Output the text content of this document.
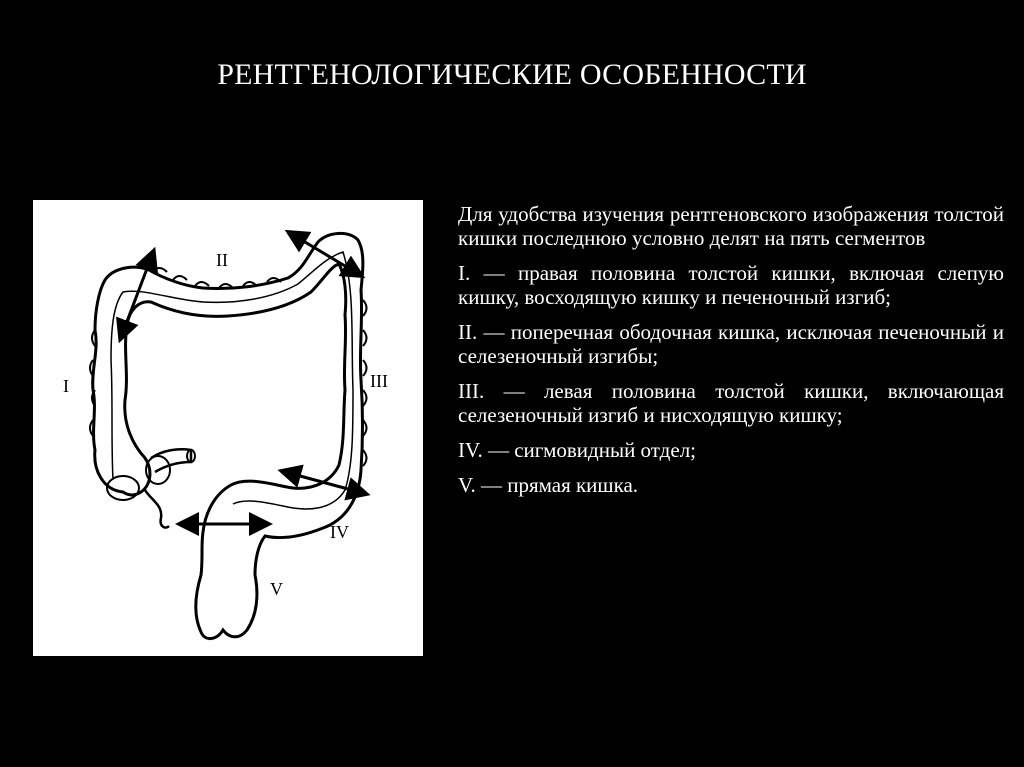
РЕНТГЕНОЛОГИЧЕСКИЕ ОСОБЕННОСТИ
I
II
III
IV
V

Для удобства изучения рентгеновского изображения толстой кишки последнюю условно делят на пять сегментов

I. — правая половина толстой кишки, включая слепую кишку, восходящую кишку и печеночный изгиб;

II. — поперечная ободочная кишка, исключая печеночный и селезеночный изгибы;

III. — левая половина толстой кишки, включающая селезеночный изгиб и нисходящую кишку;

IV. — сигмовидный отдел;

V. — прямая кишка.
